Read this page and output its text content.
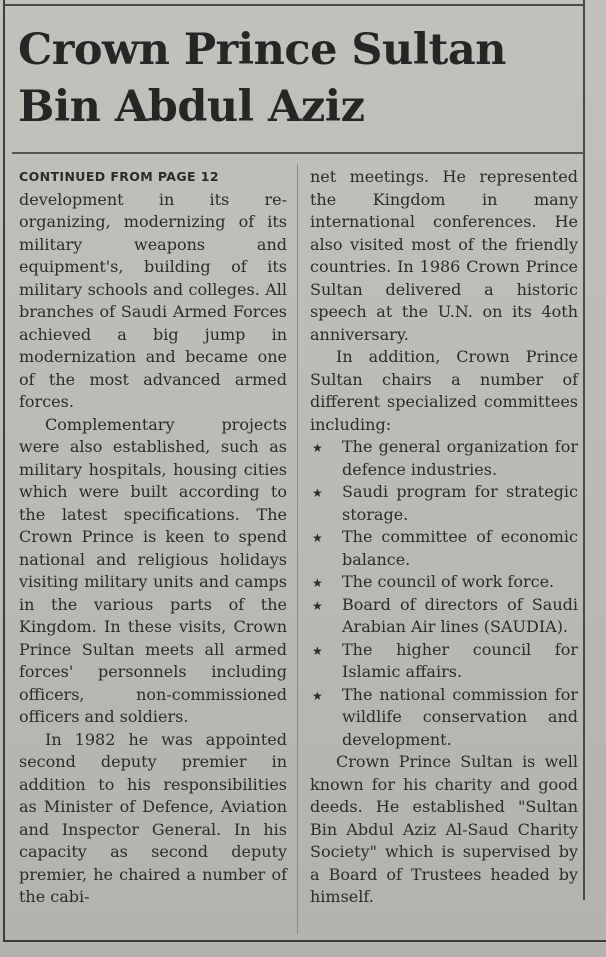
Crown Prince Sultan Bin Abdul Aziz
CONTINUED FROM PAGE 12

development in its re-organizing, modernizing of its military weapons and equipment's, building of its military schools and colleges. All branches of Saudi Armed Forces achieved a big jump in modernization and became one of the most advanced armed forces.

Complementary projects were also established, such as military hospitals, housing cities which were built according to the latest specifications. The Crown Prince is keen to spend national and religious holidays visiting military units and camps in the various parts of the Kingdom. In these visits, Crown Prince Sultan meets all armed forces' personnels including officers, non-commissioned officers and soldiers.

In 1982 he was appointed second deputy premier in addition to his responsibilities as Minister of Defence, Aviation and Inspector General. In his capacity as second deputy premier, he chaired a number of the cabi-

net meetings. He represented the Kingdom in many international conferences. He also visited most of the friendly countries. In 1986 Crown Prince Sultan delivered a historic speech at the U.N. on its 4oth anniversary.

In addition, Crown Prince Sultan chairs a number of different specialized committees including:

★ The general organization for defence industries.
★ Saudi program for strategic storage.
★ The committee of economic balance.
★ The council of work force.
★ Board of directors of Saudi Arabian Air lines (SAUDIA).
★ The higher council for Islamic affairs.
★ The national commission for wildlife conservation and development.

Crown Prince Sultan is well known for his charity and good deeds. He established "Sultan Bin Abdul Aziz Al-Saud Charity Society" which is supervised by a Board of Trustees headed by himself.
